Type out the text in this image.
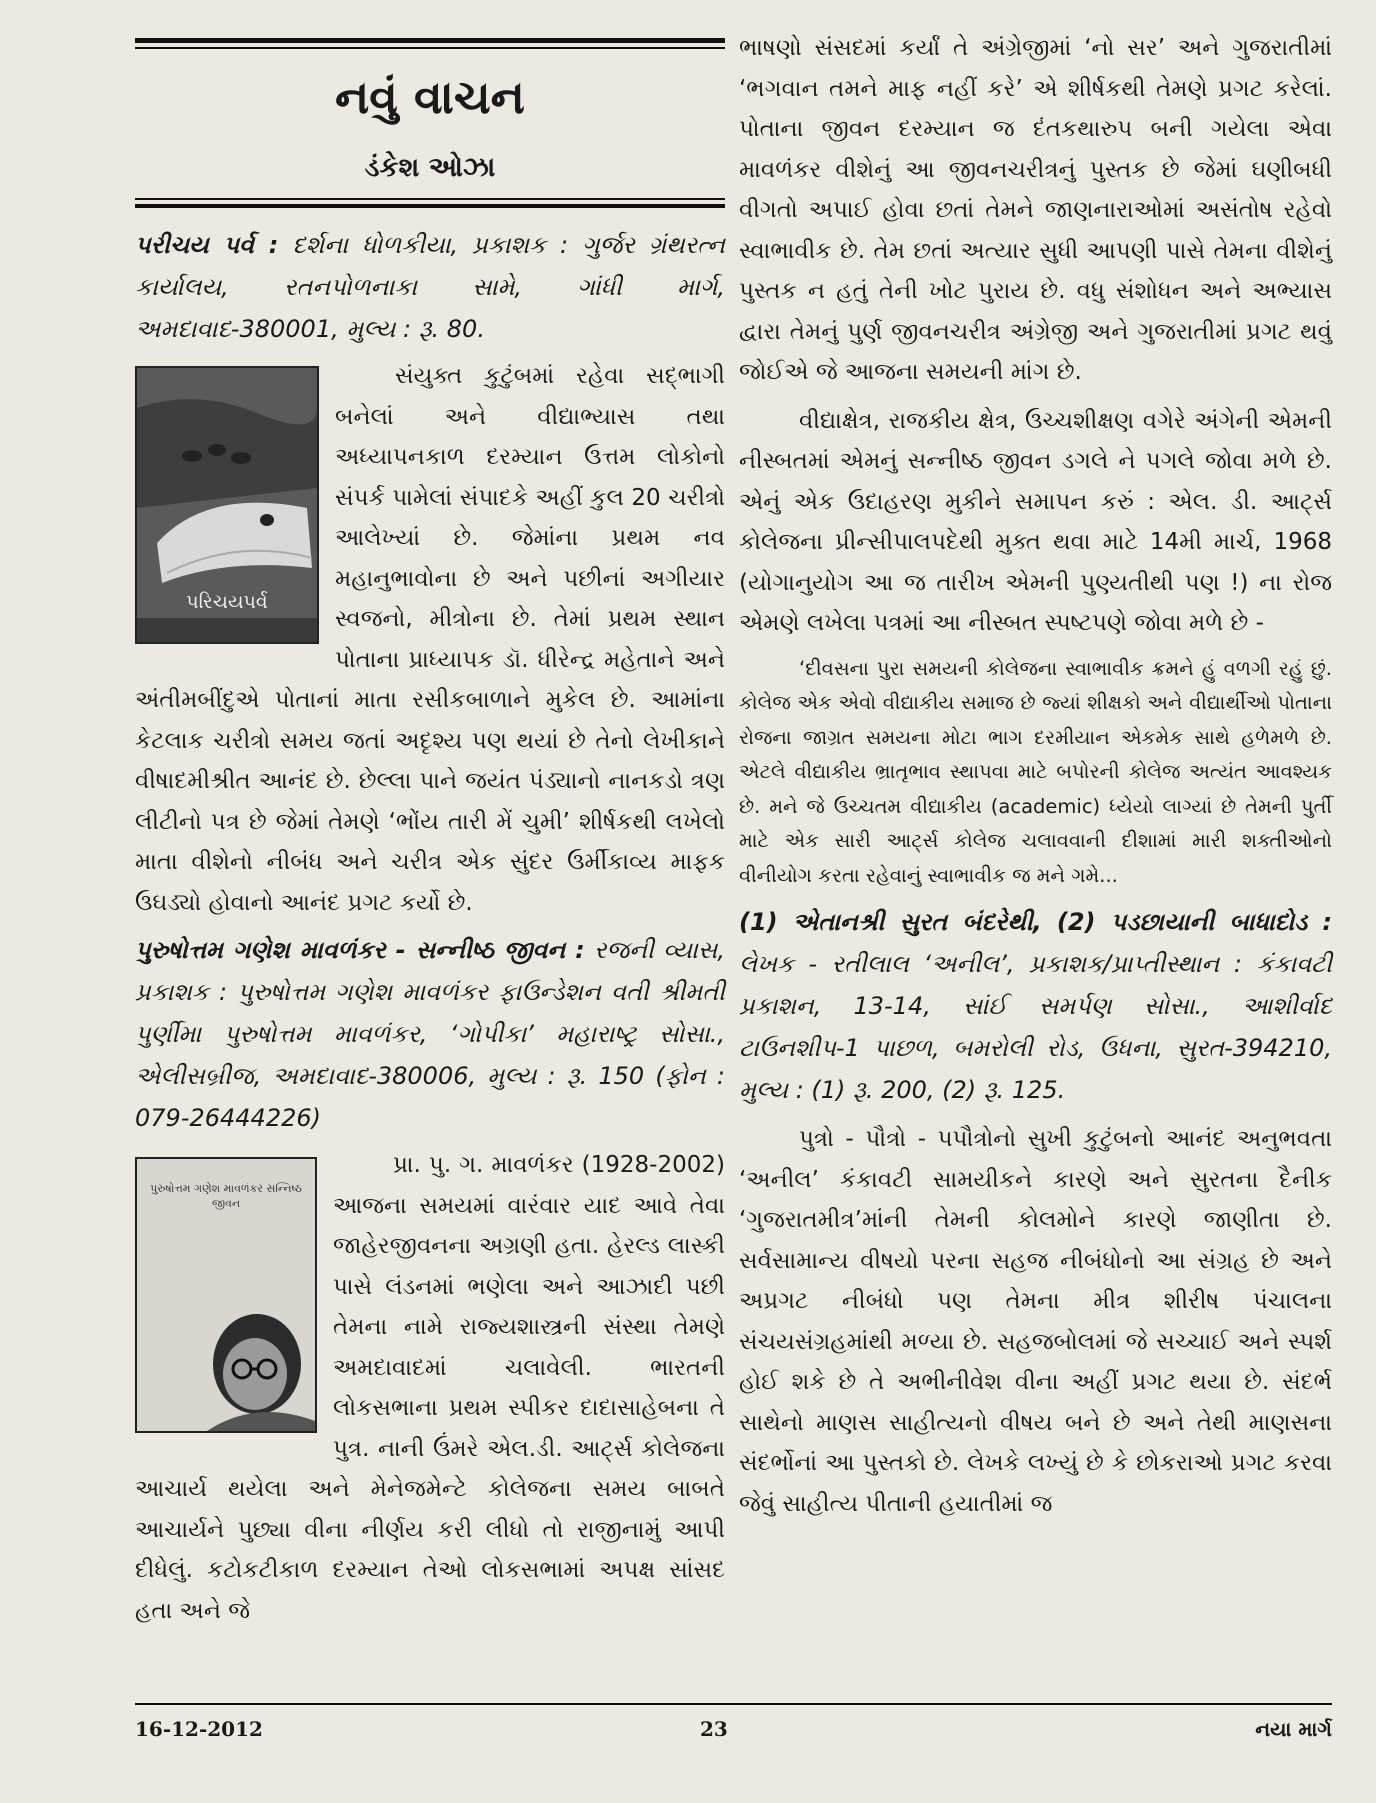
નવું વાચન
ડંકેશ ઓઝા

પરીચય પર્વ : દર્શના ધોળકીયા, પ્રકાશક : ગુર્જર ગ્રંથરત્ન કાર્યાલય, રતનપોળનાકા સામે, ગાંધી માર્ગ, અમદાવાદ-380001, મુલ્ય : રૂ. 80.

પરિચયપર્વ

સંયુક્ત કુટુંબમાં રહેવા સદ્ભાગી બનેલાં અને વીદ્યાભ્યાસ તથા અધ્યાપનકાળ દરમ્યાન ઉત્તમ લોકોનો સંપર્ક પામેલાં સંપાદકે અહીં કુલ 20 ચરીત્રો આલેખ્યાં છે. જેમાંના પ્રથમ નવ મહાનુભાવોના છે અને પછીનાં અગીયાર સ્વજનો, મીત્રોના છે. તેમાં પ્રથમ સ્થાન પોતાના પ્રાધ્યાપક ડૉ. ધીરેન્દ્ર મહેતાને અને અંતીમબીંદુએ પોતાનાં માતા રસીકબાળાને મુકેલ છે. આમાંના કેટલાક ચરીત્રો સમય જતાં અદૃશ્ય પણ થયાં છે તેનો લેખીકાને વીષાદમીશ્રીત આનંદ છે. છેલ્લા પાને જયંત પંડ્યાનો નાનકડો ત્રણ લીટીનો પત્ર છે જેમાં તેમણે ‘ભોંય તારી મેં ચુમી’ શીર્ષકથી લખેલો માતા વીશેનો નીબંધ અને ચરીત્ર એક સુંદર ઉર્મીકાવ્ય માફક ઉઘડ્યો હોવાનો આનંદ પ્રગટ કર્યો છે.

પુરુષોત્તમ ગણેશ માવળંકર - સન્નીષ્ઠ જીવન : રજની વ્યાસ, પ્રકાશક : પુરુષોત્તમ ગણેશ માવળંકર ફાઉન્ડેશન વતી શ્રીમતી પુર્ણીમા પુરુષોત્તમ માવળંકર, ‘ગોપીકા’ મહારાષ્ટ્ર સોસા., એલીસબ્રીજ, અમદાવાદ-380006, મુલ્ય : રૂ. 150 (ફોન : 079-26444226)

પુરુષોત્તમ ગણેશ માવળંકર સન્નિષ્ઠ જીવન

પ્રા. પુ. ગ. માવળંકર (1928-2002) આજના સમયમાં વારંવાર યાદ આવે તેવા જાહેરજીવનના અગ્રણી હતા. હેરલ્ડ લાસ્કી પાસે લંડનમાં ભણેલા અને આઝાદી પછી તેમના નામે રાજ્યશાસ્ત્રની સંસ્થા તેમણે અમદાવાદમાં ચલાવેલી. ભારતની લોકસભાના પ્રથમ સ્પીકર દાદાસાહેબના તે પુત્ર. નાની ઉંમરે એલ.ડી. આર્ટ્સ કોલેજના આચાર્ય થયેલા અને મેનેજમેન્ટે કોલેજના સમય બાબતે આચાર્યને પુછ્યા વીના નીર્ણય કરી લીધો તો રાજીનામું આપી દીધેલું. કટોકટીકાળ દરમ્યાન તેઓ લોકસભામાં અપક્ષ સાંસદ હતા અને જે

ભાષણો સંસદમાં કર્યાં તે અંગ્રેજીમાં ‘નો સર’ અને ગુજરાતીમાં ‘ભગવાન તમને માફ નહીં કરે’ એ શીર્ષકથી તેમણે પ્રગટ કરેલાં. પોતાના જીવન દરમ્યાન જ દંતકથારુપ બની ગયેલા એવા માવળંકર વીશેનું આ જીવનચરીત્રનું પુસ્તક છે જેમાં ઘણીબધી વીગતો અપાઈ હોવા છતાં તેમને જાણનારાઓમાં અસંતોષ રહેવો સ્વાભાવીક છે. તેમ છતાં અત્યાર સુધી આપણી પાસે તેમના વીશેનું પુસ્તક ન હતું તેની ખોટ પુરાય છે. વધુ સંશોધન અને અભ્યાસ દ્વારા તેમનું પુર્ણ જીવનચરીત્ર અંગ્રેજી અને ગુજરાતીમાં પ્રગટ થવું જોઈએ જે આજના સમયની માંગ છે.

વીદ્યાક્ષેત્ર, રાજકીય ક્ષેત્ર, ઉચ્ચશીક્ષણ વગેરે અંગેની એમની નીસ્બતમાં એમનું સન્નીષ્ઠ જીવન ડગલે ને પગલે જોવા મળે છે. એનું એક ઉદાહરણ મુકીને સમાપન કરું : એલ. ડી. આર્ટ્સ કોલેજના પ્રીન્સીપાલપદેથી મુક્ત થવા માટે 14મી માર્ચ, 1968 (યોગાનુયોગ આ જ તારીખ એમની પુણ્યતીથી પણ !) ના રોજ એમણે લખેલા પત્રમાં આ નીસ્બત સ્પષ્ટપણે જોવા મળે છે -

‘દીવસના પુરા સમયની કોલેજના સ્વાભાવીક ક્રમને હું વળગી રહું છું. કોલેજ એક એવો વીદ્યાકીય સમાજ છે જ્યાં શીક્ષકો અને વીદ્યાર્થીઓ પોતાના રોજના જાગ્રત સમયના મોટા ભાગ દરમીયાન એકમેક સાથે હળેમળે છે. એટલે વીદ્યાકીય ભ્રાતૃભાવ સ્થાપવા માટે બપોરની કોલેજ અત્યંત આવશ્યક છે. મને જે ઉચ્ચતમ વીદ્યાકીય (academic) ધ્યેયો લાગ્યાં છે તેમની પુર્તી માટે એક સારી આર્ટ્સ કોલેજ ચલાવવાની દીશામાં મારી શક્તીઓનો વીનીયોગ કરતા રહેવાનું સ્વાભાવીક જ મને ગમે...

(1) એતાનશ્રી સુરત બંદરેથી, (2) પડછાયાની બાધાદોડ : લેખક - રતીલાલ ‘અનીલ’, પ્રકાશક/પ્રાપ્તીસ્થાન : કંકાવટી પ્રકાશન, 13-14, સાંઈ સમર્પણ સોસા., આશીર્વાદ ટાઉનશીપ-1 પાછળ, બમરોલી રોડ, ઉધના, સુરત-394210, મુલ્ય : (1) રૂ. 200, (2) રૂ. 125.

પુત્રો - પૌત્રો - પપૌત્રોનો સુખી કુટુંબનો આનંદ અનુભવતા ‘અનીલ’ કંકાવટી સામયીકને કારણે અને સુરતના દૈનીક ‘ગુજરાતમીત્ર’માંની તેમની કોલમોને કારણે જાણીતા છે. સર્વસામાન્ય વીષયો પરના સહજ નીબંધોનો આ સંગ્રહ છે અને અપ્રગટ નીબંધો પણ તેમના મીત્ર શીરીષ પંચાલના સંચયસંગ્રહમાંથી મળ્યા છે. સહજબોલમાં જે સચ્ચાઈ અને સ્પર્શ હોઈ શકે છે તે અભીનીવેશ વીના અહીં પ્રગટ થયા છે. સંદર્ભ સાથેનો માણસ સાહીત્યનો વીષય બને છે અને તેથી માણસના સંદર્ભોનાં આ પુસ્તકો છે. લેખકે લખ્યું છે કે છોકરાઓ પ્રગટ કરવા જેવું સાહીત્ય પીતાની હયાતીમાં જ

16-12-2012	23	નયા માર્ગ
